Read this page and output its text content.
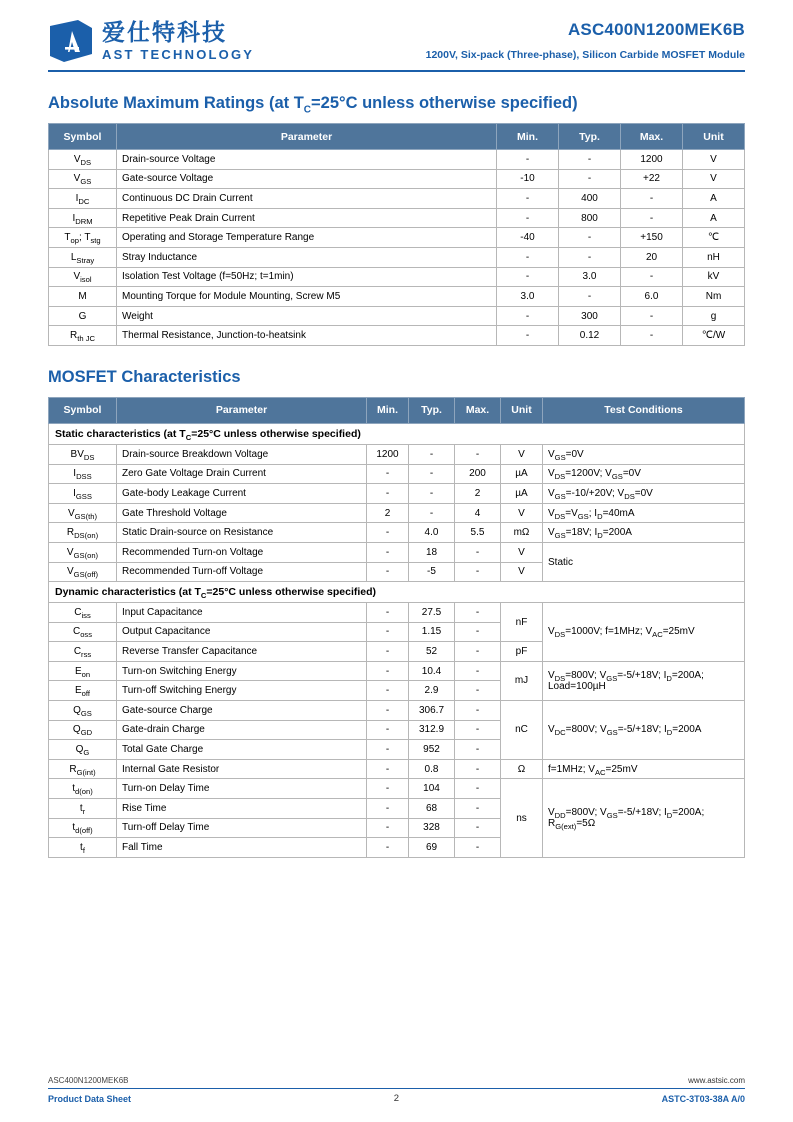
爱仕特科技
AST TECHNOLOGY
ASC400N1200MEK6B
1200V, Six-pack (Three-phase), Silicon Carbide MOSFET Module
Absolute Maximum Ratings (at $T_C=25^\circ C$ unless otherwise specified)
Symbol	Parameter	Min.	Typ.	Max.	Unit
$V_{DS}$	Drain-source Voltage	-	-	1200	V
$V_{GS}$	Gate-source Voltage	-10	-	+22	V
$I_{DC}$	Continuous DC Drain Current	-	400	-	A
$I_{DRM}$	Repetitive Peak Drain Current	-	800	-	A
$T_{op}$; $T_{stg}$	Operating and Storage Temperature Range	-40	-	+150	℃
$L_{Stray}$	Stray Inductance	-	-	20	nH
$V_{isol}$	Isolation Test Voltage (f=50Hz; t=1min)	-	3.0	-	kV
M	Mounting Torque for Module Mounting, Screw M5	3.0	-	6.0	Nm
G	Weight	-	300	-	g
$R_{th JC}$	Thermal Resistance, Junction-to-heatsink	-	0.12	-	℃/W
MOSFET Characteristics
Symbol	Parameter	Min.	Typ.	Max.	Unit	Test Conditions
Static characteristics (at $T_C=25^\circ C$ unless otherwise specified)						
$BV_{DS}$	Drain-source Breakdown Voltage	1200	-	-	V	$V_{GS}=0V$
$I_{DSS}$	Zero Gate Voltage Drain Current	-	-	200	µA	$V_{DS}=1200V$; $V_{GS}=0V$
$I_{GSS}$	Gate-body Leakage Current	-	-	2	µA	$V_{GS}=-10/+20V$; $V_{DS}=0V$
$V_{GS(th)}$	Gate Threshold Voltage	2	-	4	V	$V_{DS}=V_{GS}$; $I_D=40mA$
$R_{DS(on)}$	Static Drain-source on Resistance	-	4.0	5.5	mΩ	$V_{GS}=18V$; $I_D=200A$
$V_{GS(on)}$	Recommended Turn-on Voltage	-	18	-	V	Static
$V_{GS(off)}$	Recommended Turn-off Voltage	-	-5	-	V	
Dynamic characteristics (at $T_C=25^\circ C$ unless otherwise specified)						
$C_{iss}$	Input Capacitance	-	27.5	-	nF	$V_{DS}=1000V$; f=1MHz; $V_{AC}=25mV$
$C_{oss}$	Output Capacitance	-	1.15	-		
$C_{rss}$	Reverse Transfer Capacitance	-	52	-	pF	
$E_{on}$	Turn-on Switching Energy	-	10.4	-	mJ	$V_{DS}=800V$; $V_{GS}=-5/+18V$; $I_D=200A$;
Load=100µH
$E_{off}$	Turn-off Switching Energy	-	2.9	-		
$Q_{GS}$	Gate-source Charge	-	306.7	-	nC	$V_{DC}=800V$; $V_{GS}=-5/+18V$; $I_D=200A$
$Q_{GD}$	Gate-drain Charge	-	312.9	-		
$Q_G$	Total Gate Charge	-	952	-		
$R_{G(int)}$	Internal Gate Resistor	-	0.8	-	Ω	f=1MHz; $V_{AC}=25mV$
$t_{d(on)}$	Turn-on Delay Time	-	104	-	ns	$V_{DD}=800V$; $V_{GS}=-5/+18V$; $I_D=200A$;
$R_{G(ext)}=5\Omega$
$t_r$	Rise Time	-	68	-		
$t_{d(off)}$	Turn-off Delay Time	-	328	-		
$t_f$	Fall Time	-	69	-		
ASC400N1200MEK6B	www.astsic.com
Product Data Sheet	2	ASTC-3T03-38A A/0
